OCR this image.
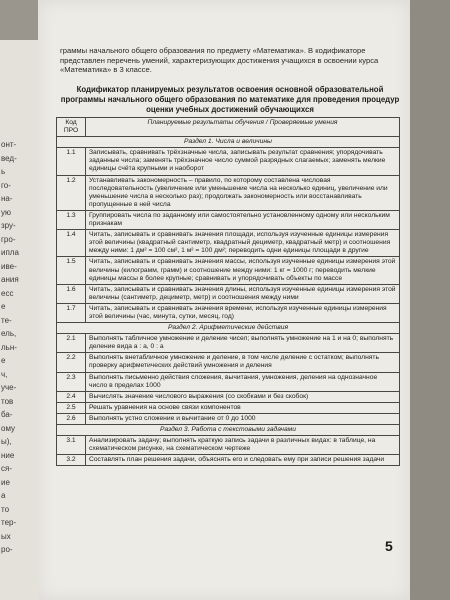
онт-
вед-
ь
го-
на-
ую
зру-
гро-
ипла
иве-
ания
есс
е
те-
ель,
льн-
е
ч,
уче-
тов
ба-
ому
ы),
ние
ся-
ие
а
то
тер-
ых
ро-
граммы начального общего образования по предмету «Математика». В кодификаторе представлен перечень умений, характеризующих достижения учащихся в освоении курса «Математика» в 3 классе.
Кодификатор планируемых результатов освоения основной образовательной программы начального общего образования по математике для проведения процедур оценки учебных достижений обучающихся
Код ПРО	Планируемые результаты обучения / Проверяемые умения
Раздел 1. Числа и величины	
1.1	Записывать, сравнивать трёхзначные числа, записывать результат сравнения; упорядочивать заданные числа; заменять трёхзначное число суммой разрядных слагаемых; заменять мелкие единицы счёта крупными и наоборот
1.2	Устанавливать закономерность – правило, по которому составлена числовая последовательность (увеличение или уменьшение числа на несколько единиц, увеличение или уменьшение числа в несколько раз); продолжать закономерность или восстанавливать пропущенные в ней числа
1.3	Группировать числа по заданному или самостоятельно установленному одному или нескольким признакам
1.4	Читать, записывать и сравнивать значения площади, используя изученные единицы измерения этой величины (квадратный сантиметр, квадратный дециметр, квадратный метр) и соотношения между ними: 1 дм² = 100 см², 1 м² = 100 дм²; переводить одни единицы площади в другие
1.5	Читать, записывать и сравнивать значения массы, используя изученные единицы измерения этой величины (килограмм, грамм) и соотношение между ними: 1 кг = 1000 г; переводить мелкие единицы массы в более крупные; сравнивать и упорядочивать объекты по массе
1.6	Читать, записывать и сравнивать значения длины, используя изученные единицы измерения этой величины (сантиметр, дециметр, метр) и соотношения между ними
1.7	Читать, записывать и сравнивать значения времени, используя изученные единицы измерения этой величины (час, минута, сутки, месяц, год)
Раздел 2. Арифметические действия	
2.1	Выполнять табличное умножение и деление чисел; выполнять умножение на 1 и на 0; выполнять деление вида а : а, 0 : а
2.2	Выполнять внетабличное умножение и деление, в том числе деление с остатком; выполнять проверку арифметических действий умножения и деления
2.3	Выполнять письменно действия сложения, вычитания, умножения, деления на однозначное число в пределах 1000
2.4	Вычислять значение числового выражения (со скобками и без скобок)
2.5	Решать уравнения на основе связи компонентов
2.6	Выполнять устно сложение и вычитание от 0 до 1000
Раздел 3. Работа с текстовыми задачами	
3.1	Анализировать задачу; выполнять краткую запись задачи в различных видах: в таблице, на схематическом рисунке, на схематическом чертеже
3.2	Составлять план решения задачи, объяснять его и следовать ему при записи решения задачи
5
